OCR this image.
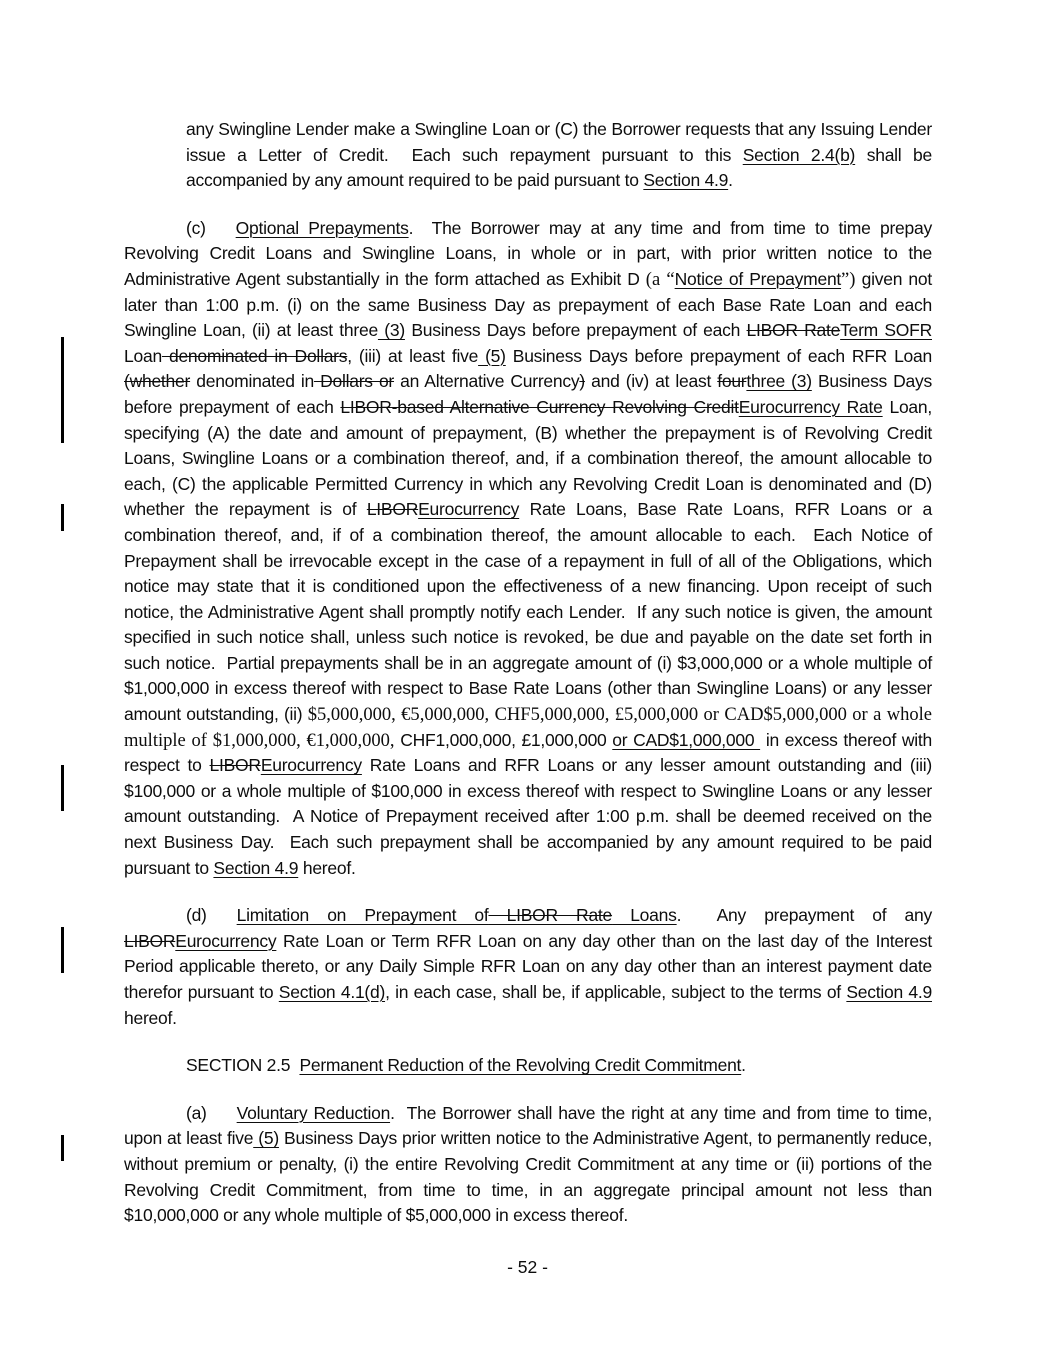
any Swingline Lender make a Swingline Loan or (C) the Borrower requests that any Issuing Lender issue a Letter of Credit.  Each such repayment pursuant to this Section 2.4(b) shall be accompanied by any amount required to be paid pursuant to Section 4.9.

(c) Optional Prepayments.  The Borrower may at any time and from time to time prepay Revolving Credit Loans and Swingline Loans, in whole or in part, with prior written notice to the Administrative Agent substantially in the form attached as Exhibit D (a “Notice of Prepayment”) given not later than 1:00 p.m. (i) on the same Business Day as prepayment of each Base Rate Loan and each Swingline Loan, (ii) at least three (3) Business Days before prepayment of each LIBOR RateTerm SOFR Loan denominated in Dollars, (iii) at least five (5) Business Days before prepayment of each RFR Loan (whether denominated in Dollars or an Alternative Currency) and (iv) at least fourthree (3) Business Days before prepayment of each LIBOR-based Alternative Currency Revolving CreditEurocurrency Rate Loan, specifying (A) the date and amount of prepayment, (B) whether the prepayment is of Revolving Credit Loans, Swingline Loans or a combination thereof, and, if a combination thereof, the amount allocable to each, (C) the applicable Permitted Currency in which any Revolving Credit Loan is denominated and (D) whether the repayment is of LIBOREurocurrency Rate Loans, Base Rate Loans, RFR Loans or a combination thereof, and, if of a combination thereof, the amount allocable to each.  Each Notice of Prepayment shall be irrevocable except in the case of a repayment in full of all of the Obligations, which notice may state that it is conditioned upon the effectiveness of a new financing. Upon receipt of such notice, the Administrative Agent shall promptly notify each Lender.  If any such notice is given, the amount specified in such notice shall, unless such notice is revoked, be due and payable on the date set forth in such notice.  Partial prepayments shall be in an aggregate amount of (i) $3,000,000 or a whole multiple of $1,000,000 in excess thereof with respect to Base Rate Loans (other than Swingline Loans) or any lesser amount outstanding, (ii) $5,000,000, €5,000,000, CHF5,000,000, £5,000,000 or CAD$5,000,000 or a whole multiple of $1,000,000, €1,000,000, CHF1,000,000, £1,000,000 or CAD$1,000,000  in excess thereof with respect to LIBOREurocurrency Rate Loans and RFR Loans or any lesser amount outstanding and (iii) $100,000 or a whole multiple of $100,000 in excess thereof with respect to Swingline Loans or any lesser amount outstanding.  A Notice of Prepayment received after 1:00 p.m. shall be deemed received on the next Business Day.  Each such prepayment shall be accompanied by any amount required to be paid pursuant to Section 4.9 hereof.

(d) Limitation on Prepayment of LIBOR Rate Loans.  Any prepayment of any LIBOREurocurrency Rate Loan or Term RFR Loan on any day other than on the last day of the Interest Period applicable thereto, or any Daily Simple RFR Loan on any day other than an interest payment date therefor pursuant to Section 4.1(d), in each case, shall be, if applicable, subject to the terms of Section 4.9 hereof.

SECTION 2.5  Permanent Reduction of the Revolving Credit Commitment.

(a) Voluntary Reduction.  The Borrower shall have the right at any time and from time to time, upon at least five (5) Business Days prior written notice to the Administrative Agent, to permanently reduce, without premium or penalty, (i) the entire Revolving Credit Commitment at any time or (ii) portions of the Revolving Credit Commitment, from time to time, in an aggregate principal amount not less than $10,000,000 or any whole multiple of $5,000,000 in excess thereof.

- 52 -
